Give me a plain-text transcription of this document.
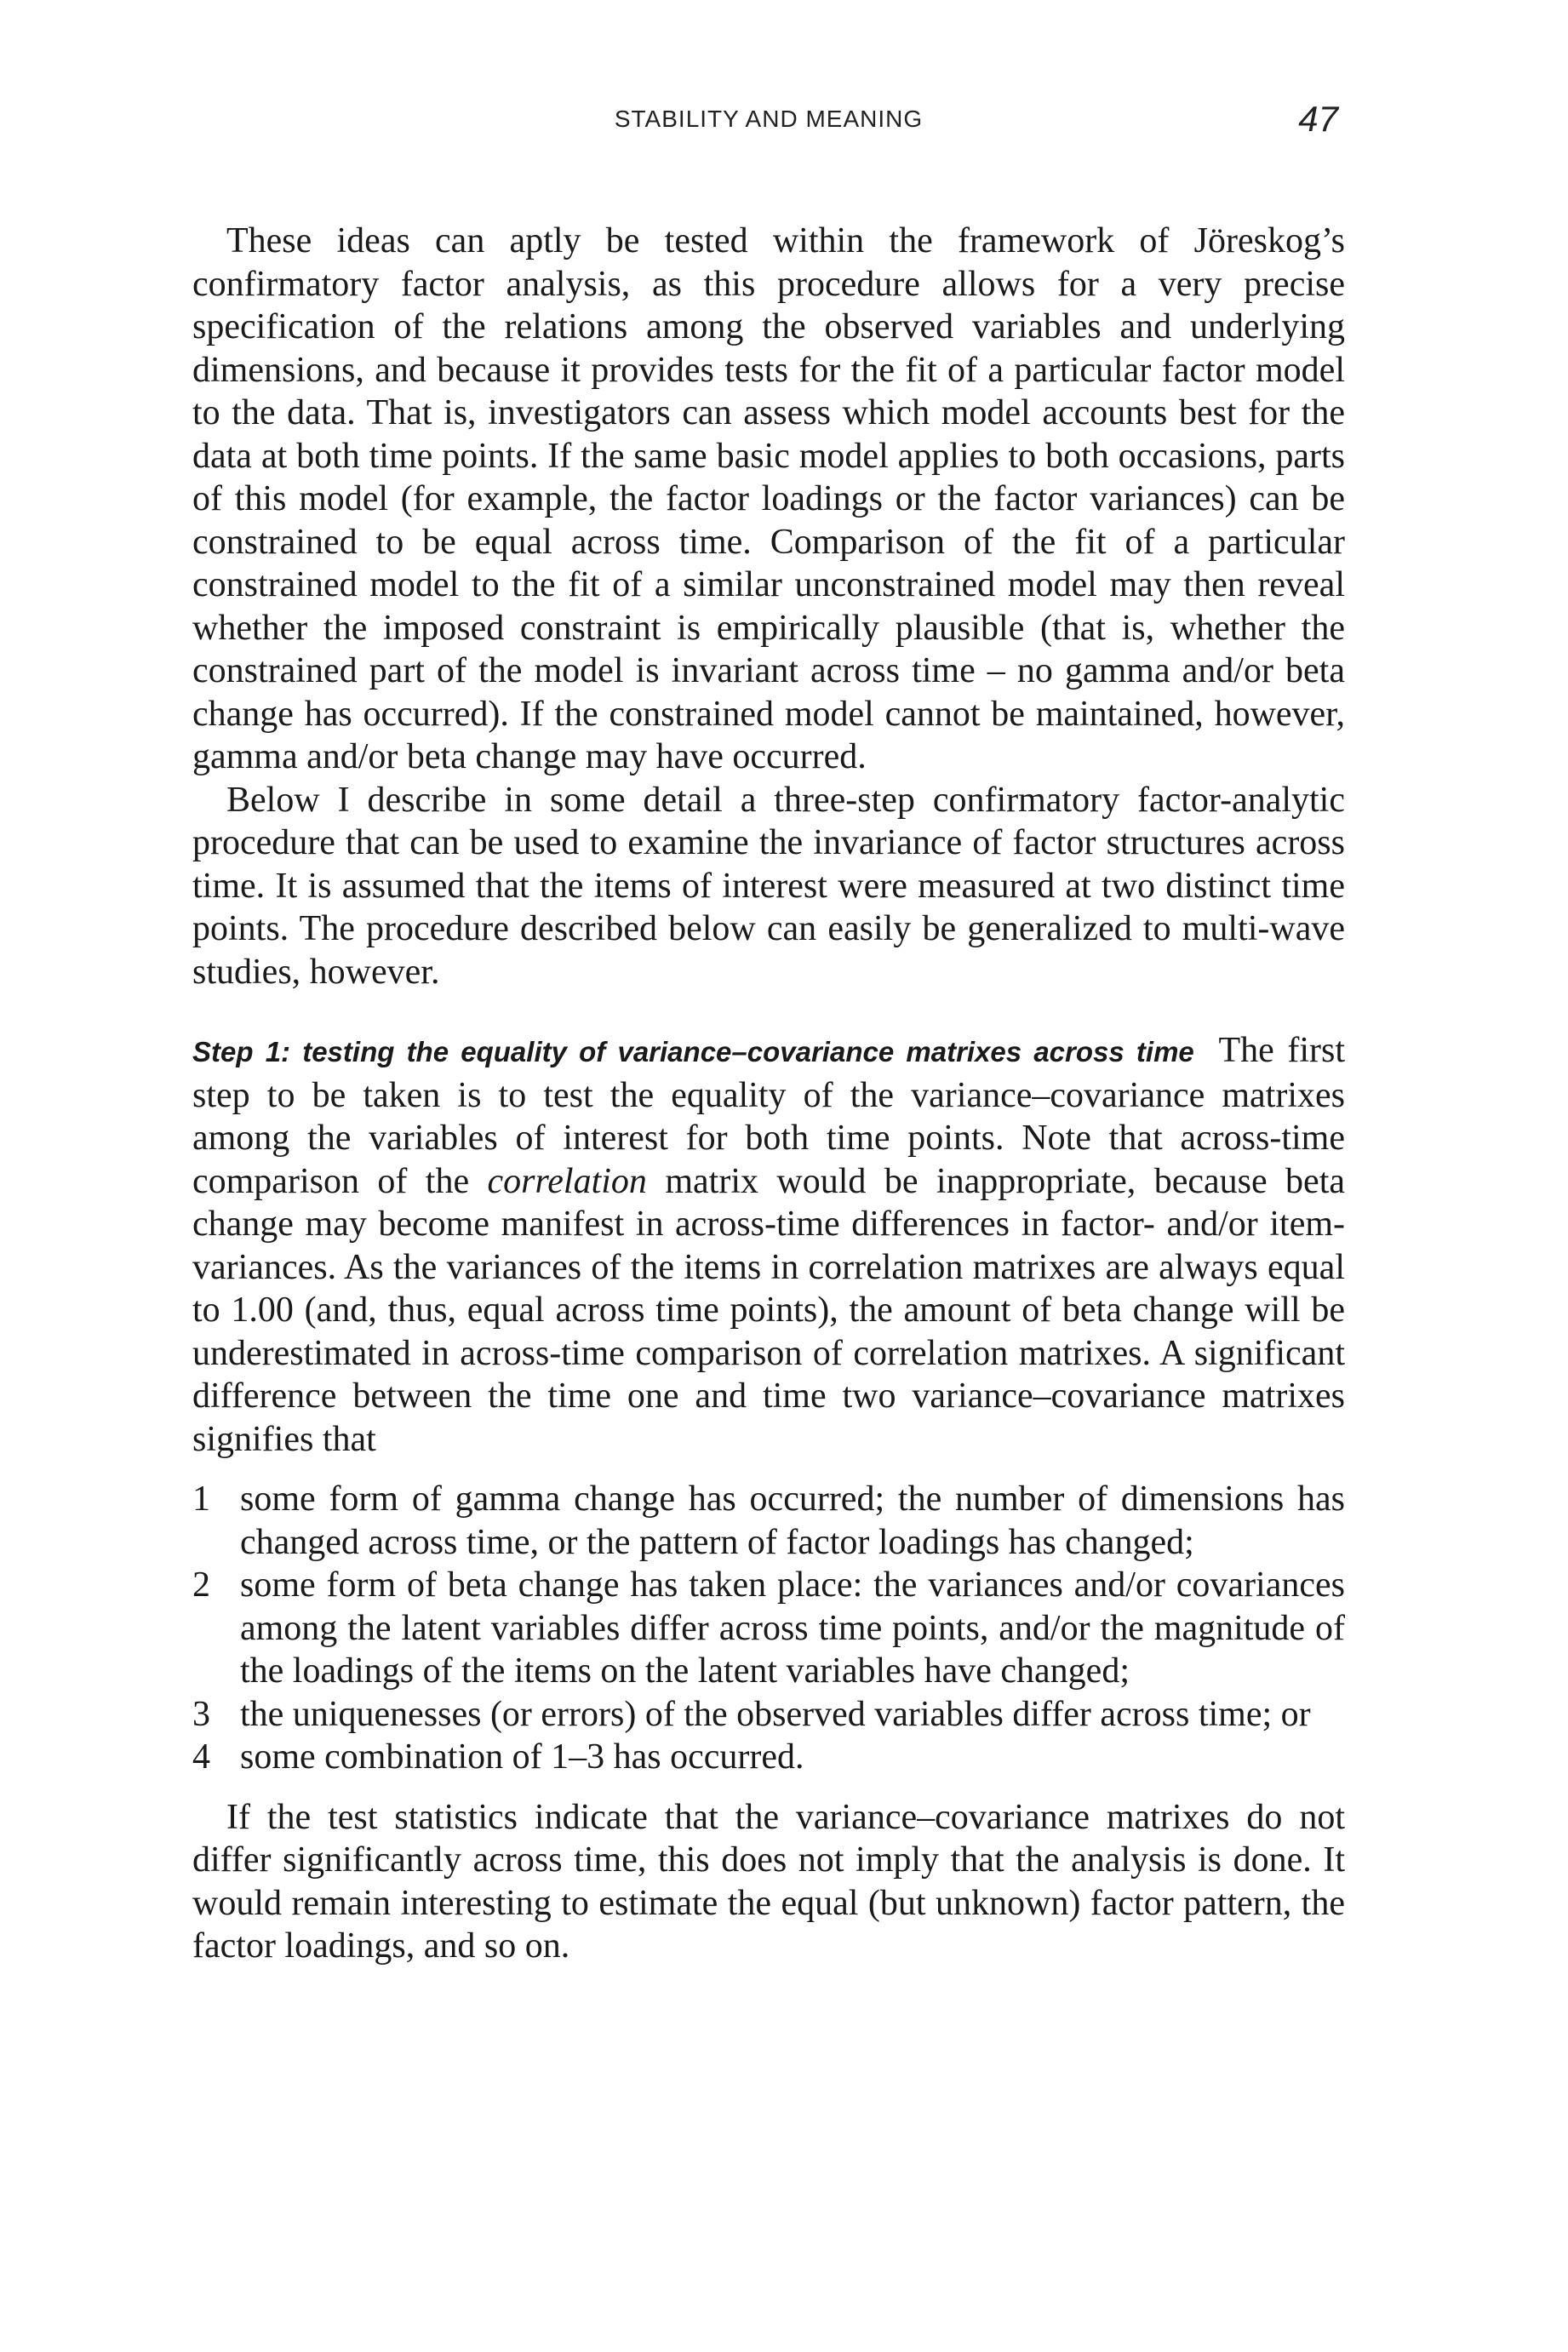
STABILITY AND MEANING	47

These ideas can aptly be tested within the framework of Jöreskog’s confirmatory factor analysis, as this procedure allows for a very precise specification of the relations among the observed variables and underlying dimensions, and because it provides tests for the fit of a particular factor model to the data. That is, investigators can assess which model accounts best for the data at both time points. If the same basic model applies to both occasions, parts of this model (for example, the factor loadings or the factor variances) can be constrained to be equal across time. Comparison of the fit of a particular constrained model to the fit of a similar unconstrained model may then reveal whether the imposed constraint is empirically plausible (that is, whether the constrained part of the model is invariant across time – no gamma and/or beta change has occurred). If the constrained model cannot be maintained, however, gamma and/or beta change may have occurred.

Below I describe in some detail a three-step confirmatory factor-analytic procedure that can be used to examine the invariance of factor structures across time. It is assumed that the items of interest were measured at two distinct time points. The procedure described below can easily be generalized to multi-wave studies, however.

Step 1: testing the equality of variance–covariance matrixes across time The first step to be taken is to test the equality of the variance–covariance matrixes among the variables of interest for both time points. Note that across-time comparison of the correlation matrix would be inappropriate, because beta change may become manifest in across-time differences in factor- and/or item-variances. As the variances of the items in correlation matrixes are always equal to 1.00 (and, thus, equal across time points), the amount of beta change will be underestimated in across-time comparison of correlation matrixes. A significant difference between the time one and time two variance–covariance matrixes signifies that

1 some form of gamma change has occurred; the number of dimensions has changed across time, or the pattern of factor loadings has changed;
2 some form of beta change has taken place: the variances and/or covariances among the latent variables differ across time points, and/or the magnitude of the loadings of the items on the latent variables have changed;
3 the uniquenesses (or errors) of the observed variables differ across time; or
4 some combination of 1–3 has occurred.

If the test statistics indicate that the variance–covariance matrixes do not differ significantly across time, this does not imply that the analysis is done. It would remain interesting to estimate the equal (but unknown) factor pattern, the factor loadings, and so on.
